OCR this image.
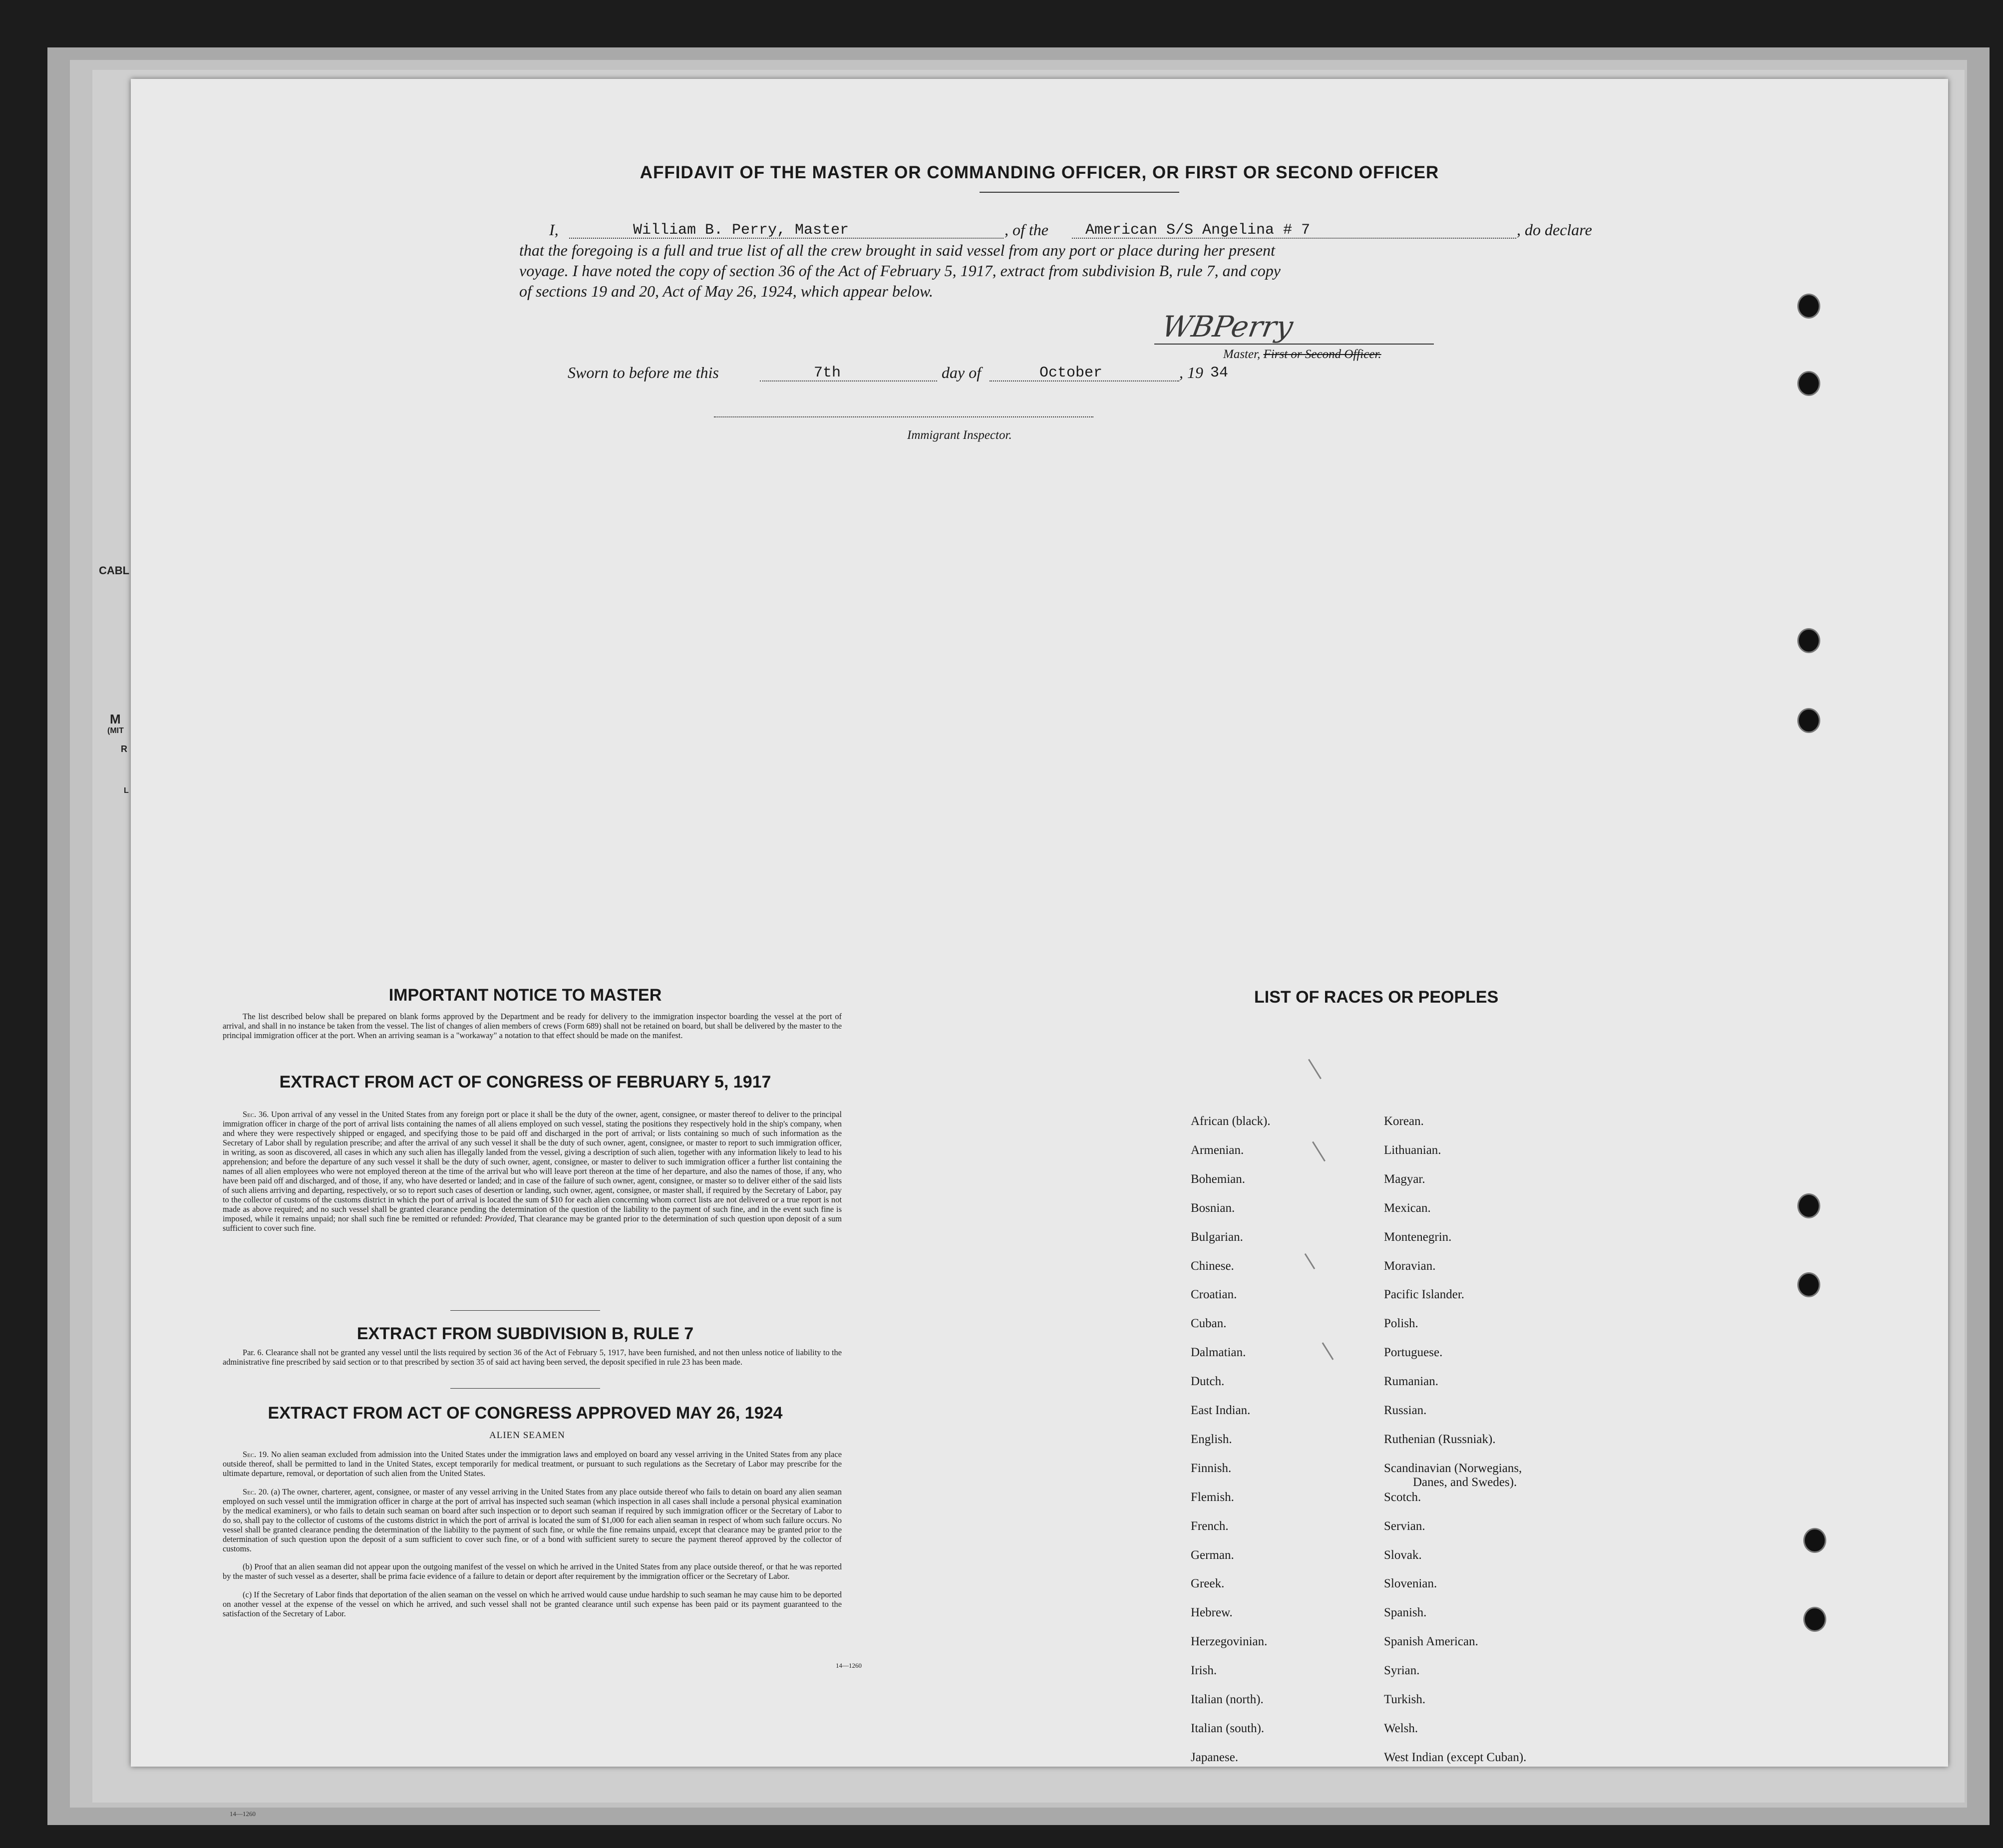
CABL
M
(MIT
R
L
AFFIDAVIT OF THE MASTER OR COMMANDING OFFICER, OR FIRST OR SECOND OFFICER
I,	William B. Perry, Master	, of the American S/S Angelina # 7	, do declare
that the foregoing is a full and true list of all the crew brought in said vessel from any port or place during her present
voyage. I have noted the copy of section 36 of the Act of February 5, 1917, extract from subdivision B, rule 7, and copy
of sections 19 and 20, Act of May 26, 1924, which appear below.
WBPerry
Master, First or Second Officer.
Sworn to before me this	7th	day of	October	, 19 34
Immigrant Inspector.
IMPORTANT NOTICE TO MASTER
The list described below shall be prepared on blank forms approved by the Department and be ready for delivery to the immigration inspector boarding the vessel at the port of arrival, and shall in no instance be taken from the vessel. The list of changes of alien members of crews (Form 689) shall not be retained on board, but shall be delivered by the master to the principal immigration officer at the port. When an arriving seaman is a "workaway" a notation to that effect should be made on the manifest.
EXTRACT FROM ACT OF CONGRESS OF FEBRUARY 5, 1917
Sec. 36. Upon arrival of any vessel in the United States from any foreign port or place it shall be the duty of the owner, agent, consignee, or master thereof to deliver to the principal immigration officer in charge of the port of arrival lists containing the names of all aliens employed on such vessel, stating the positions they respectively hold in the ship's company, when and where they were respectively shipped or engaged, and specifying those to be paid off and discharged in the port of arrival; or lists containing so much of such information as the Secretary of Labor shall by regulation prescribe; and after the arrival of any such vessel it shall be the duty of such owner, agent, consignee, or master to report to such immigration officer, in writing, as soon as discovered, all cases in which any such alien has illegally landed from the vessel, giving a description of such alien, together with any information likely to lead to his apprehension; and before the departure of any such vessel it shall be the duty of such owner, agent, consignee, or master to deliver to such immigration officer a further list containing the names of all alien employees who were not employed thereon at the time of the arrival but who will leave port thereon at the time of her departure, and also the names of those, if any, who have been paid off and discharged, and of those, if any, who have deserted or landed; and in case of the failure of such owner, agent, consignee, or master so to deliver either of the said lists of such aliens arriving and departing, respectively, or so to report such cases of desertion or landing, such owner, agent, consignee, or master shall, if required by the Secretary of Labor, pay to the collector of customs of the customs district in which the port of arrival is located the sum of $10 for each alien concerning whom correct lists are not delivered or a true report is not made as above required; and no such vessel shall be granted clearance pending the determination of the question of the liability to the payment of such fine, and in the event such fine is imposed, while it remains unpaid; nor shall such fine be remitted or refunded: Provided, That clearance may be granted prior to the determination of such question upon deposit of a sum sufficient to cover such fine.
EXTRACT FROM SUBDIVISION B, RULE 7
Par. 6. Clearance shall not be granted any vessel until the lists required by section 36 of the Act of February 5, 1917, have been furnished, and not then unless notice of liability to the administrative fine prescribed by said section or to that prescribed by section 35 of said act having been served, the deposit specified in rule 23 has been made.
EXTRACT FROM ACT OF CONGRESS APPROVED MAY 26, 1924
ALIEN SEAMEN
Sec. 19. No alien seaman excluded from admission into the United States under the immigration laws and employed on board any vessel arriving in the United States from any place outside thereof, shall be permitted to land in the United States, except temporarily for medical treatment, or pursuant to such regulations as the Secretary of Labor may prescribe for the ultimate departure, removal, or deportation of such alien from the United States.
Sec. 20. (a) The owner, charterer, agent, consignee, or master of any vessel arriving in the United States from any place outside thereof who fails to detain on board any alien seaman employed on such vessel until the immigration officer in charge at the port of arrival has inspected such seaman (which inspection in all cases shall include a personal physical examination by the medical examiners), or who fails to detain such seaman on board after such inspection or to deport such seaman if required by such immigration officer or the Secretary of Labor to do so, shall pay to the collector of customs of the customs district in which the port of arrival is located the sum of $1,000 for each alien seaman in respect of whom such failure occurs. No vessel shall be granted clearance pending the determination of the liability to the payment of such fine, or while the fine remains unpaid, except that clearance may be granted prior to the determination of such question upon the deposit of a sum sufficient to cover such fine, or of a bond with sufficient surety to secure the payment thereof approved by the collector of customs.
(b) Proof that an alien seaman did not appear upon the outgoing manifest of the vessel on which he arrived in the United States from any place outside thereof, or that he was reported by the master of such vessel as a deserter, shall be prima facie evidence of a failure to detain or deport after requirement by the immigration officer or the Secretary of Labor.
(c) If the Secretary of Labor finds that deportation of the alien seaman on the vessel on which he arrived would cause undue hardship to such seaman he may cause him to be deported on another vessel at the expense of the vessel on which he arrived, and such vessel shall not be granted clearance until such expense has been paid or its payment guaranteed to the satisfaction of the Secretary of Labor.
14—1260
LIST OF RACES OR PEOPLES
African (black).
Armenian.
Bohemian.
Bosnian.
Bulgarian.
Chinese.
Croatian.
Cuban.
Dalmatian.
Dutch.
East Indian.
English.
Finnish.
Flemish.
French.
German.
Greek.
Hebrew.
Herzegovinian.
Irish.
Italian (north).
Italian (south).
Japanese.
Korean.
Lithuanian.
Magyar.
Mexican.
Montenegrin.
Moravian.
Pacific Islander.
Polish.
Portuguese.
Rumanian.
Russian.
Ruthenian (Russniak).
Scandinavian (Norwegians,
Danes, and Swedes).
Scotch.
Servian.
Slovak.
Slovenian.
Spanish.
Spanish American.
Syrian.
Turkish.
Welsh.
West Indian (except Cuban).
14—1260
